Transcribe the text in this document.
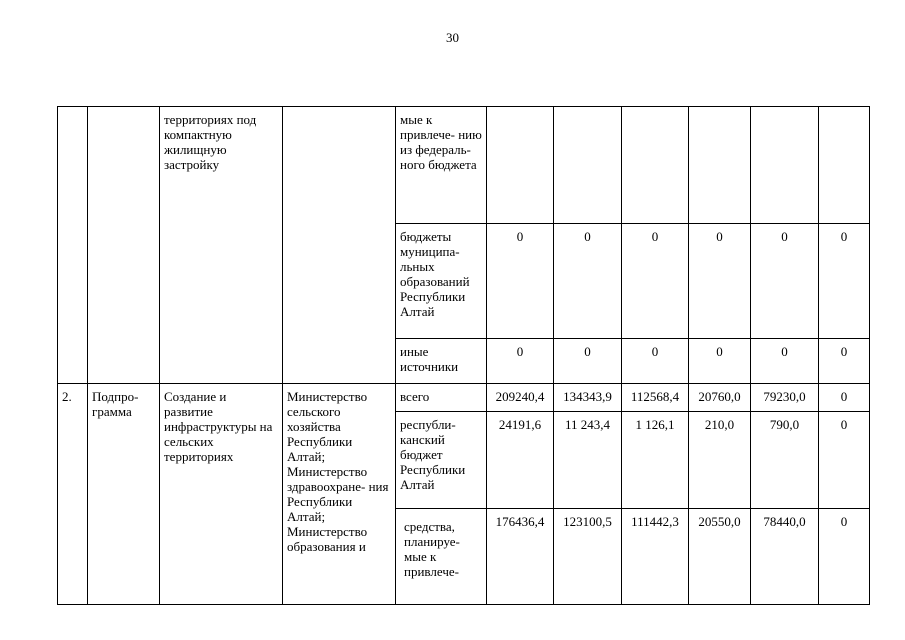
30
		территориях под компактную жилищную застройку		мые к привлече- нию из федераль- ного бюджета						
				бюджеты муниципа- льных образований Республики Алтай	0	0	0	0	0	0
				иные источники	0	0	0	0	0	0
2.	Подпро- грамма	Создание и развитие инфраструктуры на сельских территориях	Министерство сельского хозяйства Республики Алтай; Министерство здравоохране- ния Республики Алтай; Министерство образования и	всего	209240,4	134343,9	112568,4	20760,0	79230,0	0
				республи- канский бюджет Республики Алтай	24191,6	11 243,4	1 126,1	210,0	790,0	0

				средства, планируе- мые к привлече-	176436,4	123100,5	111442,3	20550,0	78440,0	0
